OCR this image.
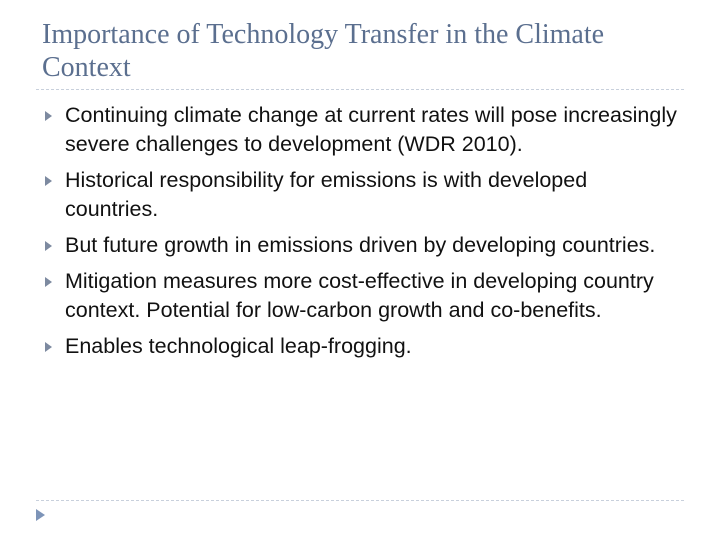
Importance of Technology Transfer in the Climate Context
Continuing climate change at current rates will pose increasingly severe challenges to development (WDR 2010).
Historical responsibility for emissions is with developed countries.
But future growth in emissions driven by developing countries.
Mitigation measures more cost-effective in developing country context. Potential for low-carbon growth and co-benefits.
Enables technological leap-frogging.
